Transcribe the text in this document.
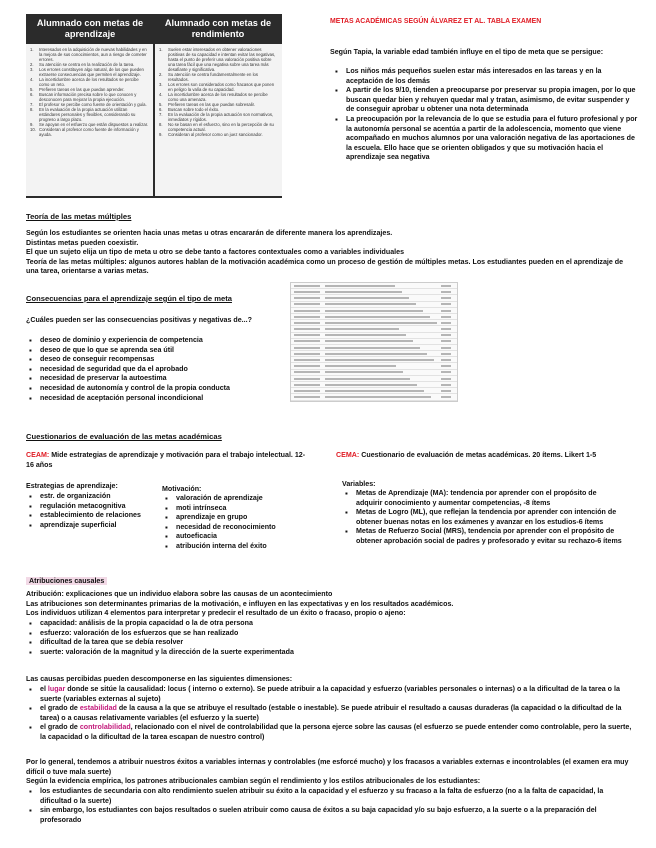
Alumnado con metas de aprendizaje
Alumnado con metas de rendimiento
1. Interesados en la adquisición de nuevas habilidades y en la mejora de sus conocimientos, aun a riesgo de cometer errores.
2. Su atención se centra en la realización de la tarea.
3. Los errores constituyen algo natural, de los que pueden extraerse consecuencias que permiten el aprendizaje.
4. La incertidumbre acerca de los resultados se percibe como un reto.
5. Prefieren tareas en las que puedan aprender.
6. Buscan información precisa sobre lo que conocen y desconocen para mejorar la propia ejecución.
7. El profesor se percibe como fuente de orientación y guía.
8. En la evaluación de la propia actuación utilizan estándares personales y flexibles, considerando su progreso a largo plazo.
9. Se apoyan en el esfuerzo que están dispuestos a realizar.
10. Consideran al profesor como fuente de información y ayuda.
1. Suelen estar interesados en obtener valoraciones positivas de su capacidad e intentan evitar las negativas, hasta el punto de preferir una valoración positiva sobre una tarea fácil que una negativa sobre una tarea más desafiante y significativa.
2. Su atención se centra fundamentalmente en los resultados.
3. Los errores son considerados como fracasos que ponen en peligro la valía de su capacidad.
4. La incertidumbre acerca de los resultados se percibe como una amenaza.
5. Prefieren tareas en las que puedan sobresalir.
6. Buscan sobre todo el éxito.
7. En la evaluación de la propia actuación son normativos, inmediatos y rígidos.
8. No se basan en el esfuerzo, sino en la percepción de su competencia actual.
9. Consideran al profesor como un juez sancionador.
METAS ACADÉMICAS SEGÚN ÁLVAREZ ET AL. TABLA EXAMEN
Según Tapia, la variable edad también influye en el tipo de meta que se persigue:
▪ Los niños más pequeños suelen estar más interesados en las tareas y en la aceptación de los demás
▪ A partir de los 9/10, tienden a preocuparse por preservar su propia imagen, por lo que buscan quedar bien y rehuyen quedar mal y tratan, asimismo, de evitar suspender y de conseguir aprobar u obtener una nota determinada
▪ La preocupación por la relevancia de lo que se estudia para el futuro profesional y por la autonomía personal se acentúa a partir de la adolescencia, momento que viene acompañado en muchos alumnos por una valoración negativa de las aportaciones de la escuela. Ello hace que se orienten obligados y que su motivación hacia el aprendizaje sea negativa
Teoría de las metas múltiples
Según los estudiantes se orienten hacia unas metas u otras encararán de diferente manera los aprendizajes.
Distintas metas pueden coexistir.
El que un sujeto elija un tipo de meta u otro se debe tanto a factores contextuales como a variables individuales
Teoría de las metas múltiples: algunos autores hablan de la motivación académica como un proceso de gestión de múltiples metas. Los estudiantes pueden en el aprendizaje de una tarea, orientarse a varias metas.
Consecuencias para el aprendizaje según el tipo de meta
¿Cuáles pueden ser las consecuencias positivas y negativas de...?
▪ deseo de dominio y experiencia de competencia
▪ deseo de que lo que se aprenda sea útil
▪ deseo de conseguir recompensas
▪ necesidad de seguridad que da el aprobado
▪ necesidad de preservar la autoestima
▪ necesidad de autonomía y control de la propia conducta
▪ necesidad de aceptación personal incondicional
Cuestionarios de evaluación de las metas académicas
CEAM: Mide estrategias de aprendizaje y motivación para el trabajo intelectual. 12-16 años
Estrategias de aprendizaje:
▪ estr. de organización
▪ regulación metacognitiva
▪ establecimiento de relaciones
▪ aprendizaje superficial
Motivación:
▪ valoración de aprendizaje
▪ moti intrínseca
▪ aprendizaje en grupo
▪ necesidad de reconocimiento
▪ autoeficacia
▪ atribución interna del éxito
CEMA: Cuestionario de evaluación de metas académicas. 20 ítems. Likert 1-5
Variables:
▪ Metas de Aprendizaje (MA): tendencia por aprender con el propósito de adquirir conocimiento y aumentar competencias, -8 ítems
▪ Metas de Logro (ML), que reflejan la tendencia por aprender con intención de obtener buenas notas en los exámenes y avanzar en los estudios-6 ítems
▪ Metas de Refuerzo Social (MRS), tendencia por aprender con el propósito de obtener aprobación social de padres y profesorado y evitar su rechazo-6 ítems
Atribuciones causales
Atribución: explicaciones que un individuo elabora sobre las causas de un acontecimiento
Las atribuciones son determinantes primarias de la motivación, e influyen en las expectativas y en los resultados académicos.
Los individuos utilizan 4 elementos para interpretar y predecir el resultado de un éxito o fracaso, propio o ajeno:
▪ capacidad: análisis de la propia capacidad o la de otra persona
▪ esfuerzo: valoración de los esfuerzos que se han realizado
▪ dificultad de la tarea que se debía resolver
▪ suerte: valoración de la magnitud y la dirección de la suerte experimentada
Las causas percibidas pueden descomponerse en las siguientes dimensiones:
▪ el lugar donde se sitúe la causalidad: locus ( interno o externo). Se puede atribuir a la capacidad y esfuerzo (variables personales o internas) o a la dificultad de la tarea o la suerte (variables externas al sujeto)
▪ el grado de estabilidad de la causa a la que se atribuye el resultado (estable o inestable). Se puede atribuir el resultado a causas duraderas (la capacidad o la dificultad de la tarea) o a causas relativamente variables (el esfuerzo y la suerte)
▪ el grado de controlabilidad, relacionado con el nivel de controlabilidad que la persona ejerce sobre las causas (el esfuerzo se puede entender como controlable, pero la suerte, la capacidad o la dificultad de la tarea escapan de nuestro control)
Por lo general, tendemos a atribuir nuestros éxitos a variables internas y controlables (me esforcé mucho) y los fracasos a variables externas e incontrolables (el examen era muy difícil o tuve mala suerte)
Según la evidencia empírica, los patrones atribucionales cambian según el rendimiento y los estilos atribucionales de los estudiantes:
▪ los estudiantes de secundaria con alto rendimiento suelen atribuir su éxito a la capacidad y el esfuerzo y su fracaso a la falta de esfuerzo (no a la falta de capacidad, la dificultad o la suerte)
▪ sin embargo, los estudiantes con bajos resultados o suelen atribuir como causa de éxitos a su baja capacidad y/o su bajo esfuerzo, a la suerte o a la preparación del profesorado
